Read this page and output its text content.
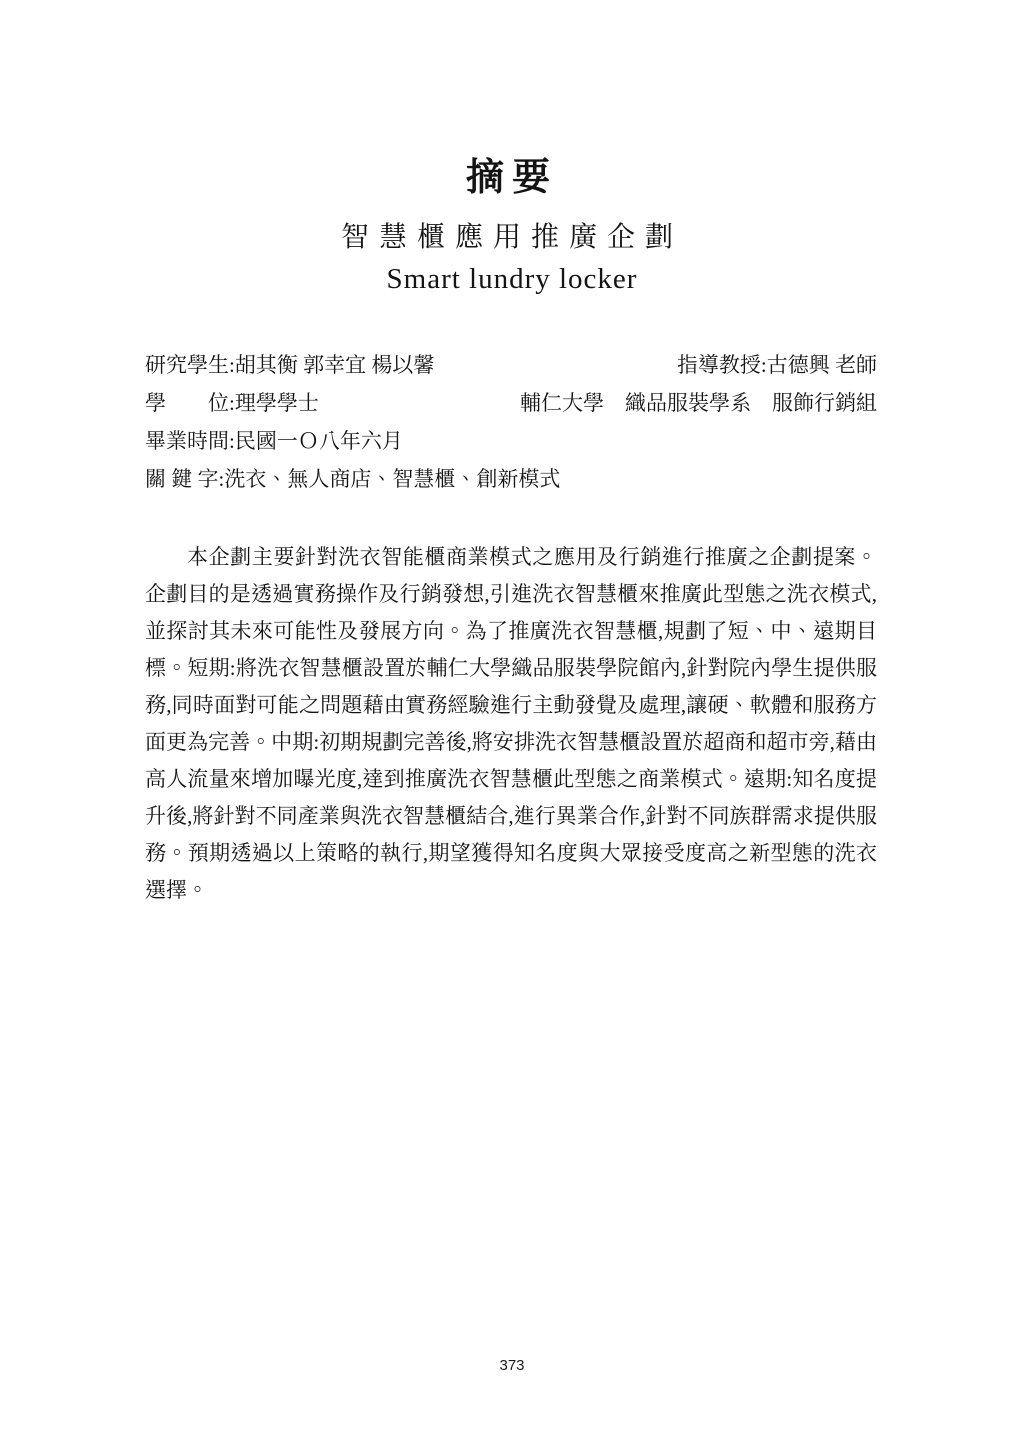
摘要
智慧櫃應用推廣企劃
Smart lundry locker
研究學生:胡其衡 郭幸宜 楊以馨	指導教授:古德興 老師
學　　位:理學學士	輔仁大學　織品服裝學系　服飾行銷組
畢業時間:民國一Ｏ八年六月
關 鍵 字:洗衣、無人商店、智慧櫃、創新模式

本企劃主要針對洗衣智能櫃商業模式之應用及行銷進行推廣之企劃提案。企劃目的是透過實務操作及行銷發想,引進洗衣智慧櫃來推廣此型態之洗衣模式,並探討其未來可能性及發展方向。為了推廣洗衣智慧櫃,規劃了短、中、遠期目標。短期:將洗衣智慧櫃設置於輔仁大學織品服裝學院館內,針對院內學生提供服務,同時面對可能之問題藉由實務經驗進行主動發覺及處理,讓硬、軟體和服務方面更為完善。中期:初期規劃完善後,將安排洗衣智慧櫃設置於超商和超市旁,藉由高人流量來增加曝光度,達到推廣洗衣智慧櫃此型態之商業模式。遠期:知名度提升後,將針對不同產業與洗衣智慧櫃結合,進行異業合作,針對不同族群需求提供服務。預期透過以上策略的執行,期望獲得知名度與大眾接受度高之新型態的洗衣選擇。

373
